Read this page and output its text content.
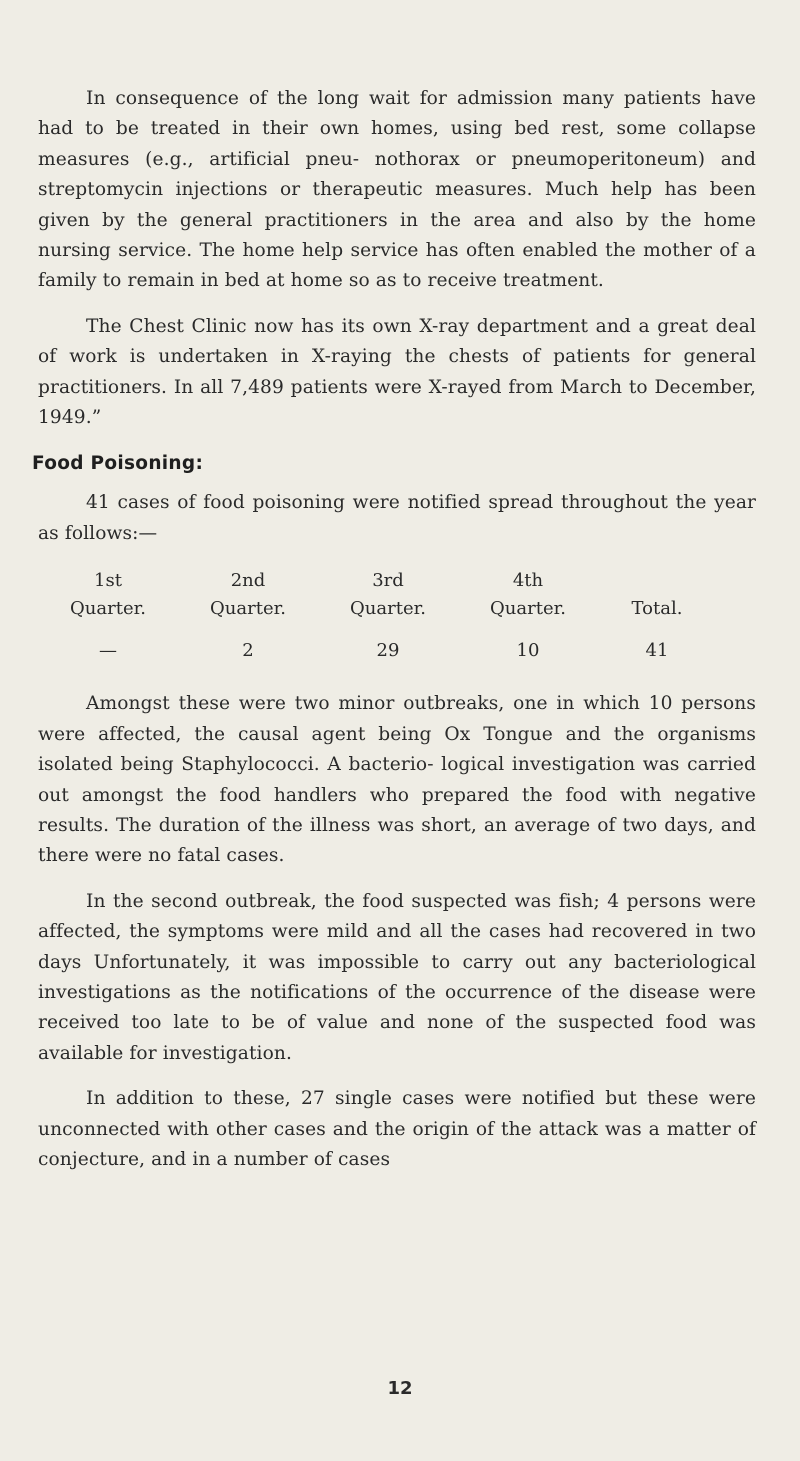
In consequence of the long wait for admission many patients have had to be treated in their own homes, using bed rest, some collapse measures (e.g., artificial pneu- nothorax or pneumoperitoneum) and streptomycin injections or therapeutic measures. Much help has been given by the general practitioners in the area and also by the home nursing service. The home help service has often enabled the mother of a family to remain in bed at home so as to receive treatment.

The Chest Clinic now has its own X-ray department and a great deal of work is undertaken in X-raying the chests of patients for general practitioners. In all 7,489 patients were X-rayed from March to December, 1949.”

Food Poisoning:

41 cases of food poisoning were notified spread throughout the year as follows:—

1st	2nd	3rd	4th
Quarter.	Quarter.	Quarter.	Quarter.	Total.
—	2	29	10	41

Amongst these were two minor outbreaks, one in which 10 persons were affected, the causal agent being Ox Tongue and the organisms isolated being Staphylococci. A bacterio- logical investigation was carried out amongst the food handlers who prepared the food with negative results. The duration of the illness was short, an average of two days, and there were no fatal cases.

In the second outbreak, the food suspected was fish; 4 persons were affected, the symptoms were mild and all the cases had recovered in two days Unfortunately, it was impossible to carry out any bacteriological investigations as the notifications of the occurrence of the disease were received too late to be of value and none of the suspected food was available for investigation.

In addition to these, 27 single cases were notified but these were unconnected with other cases and the origin of the attack was a matter of conjecture, and in a number of cases

12
